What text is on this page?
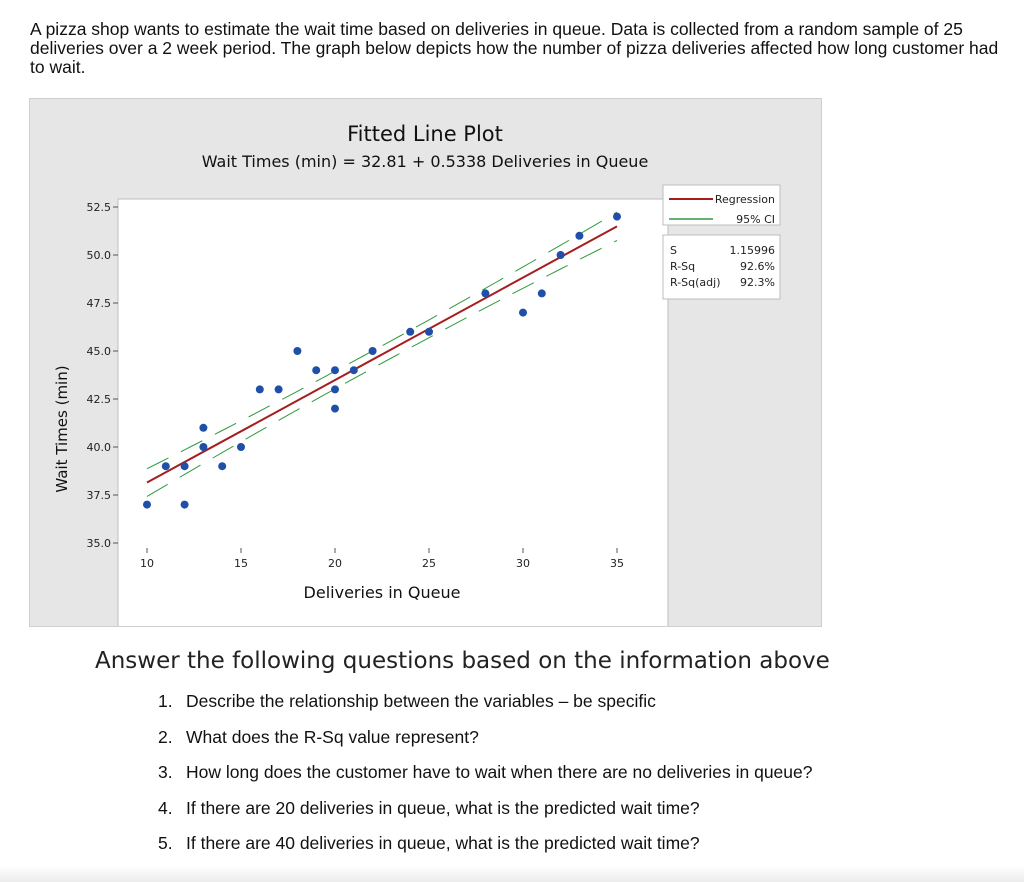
A pizza shop wants to estimate the wait time based on deliveries in queue. Data is collected from a random sample of 25 deliveries over a 2 week period. The graph below depicts how the number of pizza deliveries affected how long customer had to wait.
Fitted Line Plot
Wait Times (min) = 32.81 + 0.5338 Deliveries in Queue
35.0
37.5
40.0
42.5
45.0
47.5
50.0
52.5
10	15	20	25	30	35
Deliveries in Queue
Wait Times (min)
Regression
95% CI
S	1.15996
R-Sq	92.6%
R-Sq(adj) 92.3%
Answer the following questions based on the information above
1. Describe the relationship between the variables – be specific
2. What does the R-Sq value represent?
3. How long does the customer have to wait when there are no deliveries in queue?
4. If there are 20 deliveries in queue, what is the predicted wait time?
5. If there are 40 deliveries in queue, what is the predicted wait time?
